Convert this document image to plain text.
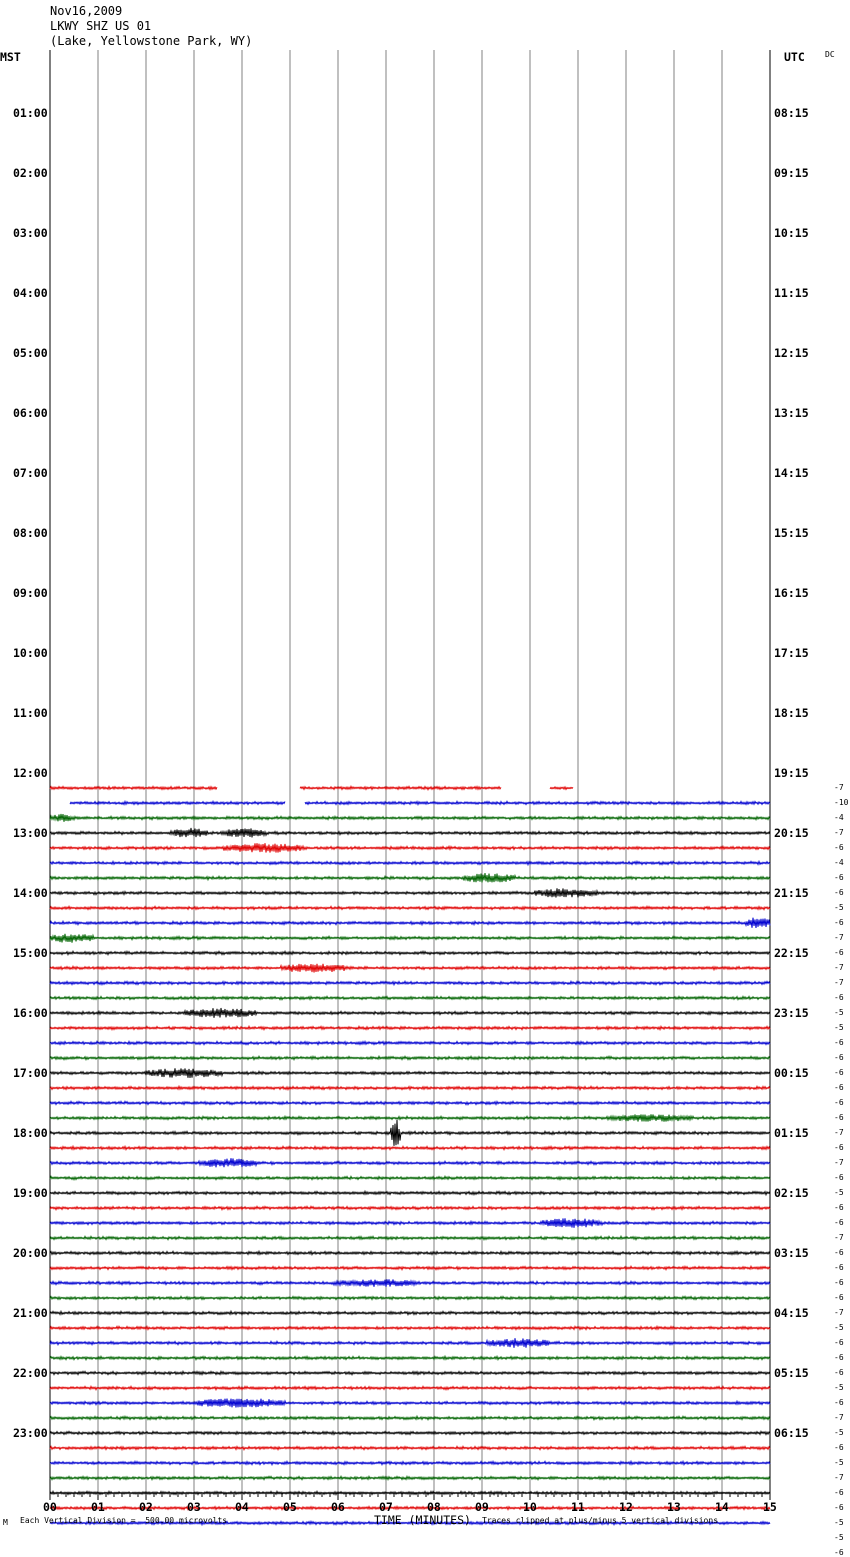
Nov16,2009
LKWY SHZ US 01
(Lake, Yellowstone Park, WY)
MST	UTC	DC
01:00
02:00
03:00
04:00
05:00
06:00
07:00
08:00
09:00
10:00
11:00
12:00
13:00
14:00
15:00
16:00
17:00
18:00
19:00
20:00
21:00
22:00
23:00
08:15
09:15
10:15
11:15
12:15
13:15
14:15
15:15
16:15
17:15
18:15
19:15
20:15
21:15
22:15
23:15
00:15
01:15
02:15
03:15
04:15
05:15
06:15
-7
-10
-4
-7
-6
-4
-6
-6
-5
-6
-7
-6
-7
-7
-6
-5
-5
-6
-6
-6
-6
-6
-6
-7
-6
-7
-6
-5
-6
-6
-7
-6
-6
-6
-6
-7
-5
-6
-6
-6
-5
-6
-7
-5
-6
-5
-7
-6
-6
-5
-5
-6
00	01	02	03	04	05	06	07	08	09	10	11	12	13	14	15
M Each Vertical Division =  500.00 microvolts	TIME (MINUTES) Traces clipped at plus/minus 5 vertical divisions
